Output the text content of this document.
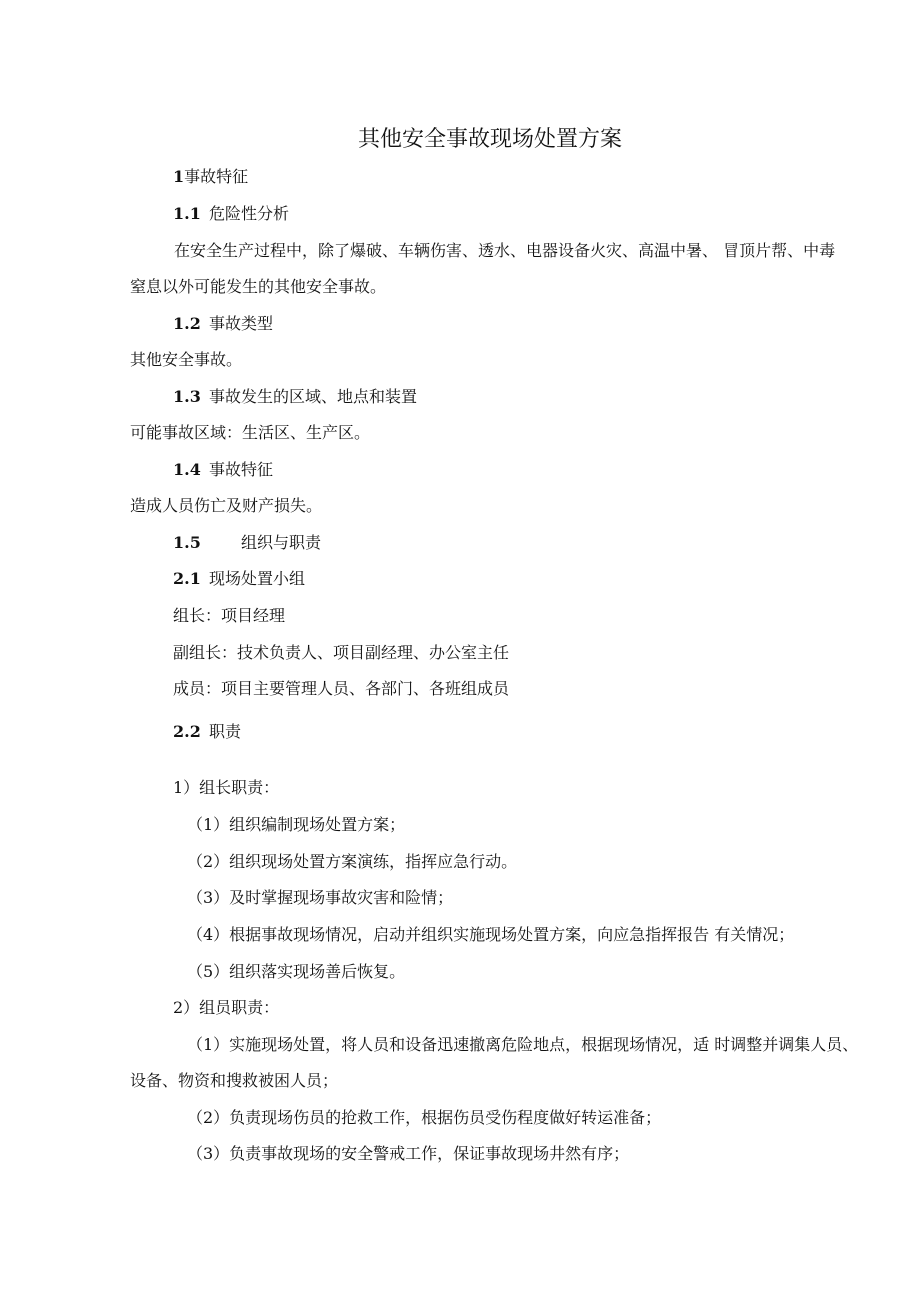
其他安全事故现场处置方案
1事故特征
1.1 危险性分析
在安全生产过程中，除了爆破、车辆伤害、透水、电器设备火灾、高温中暑、 冒顶片帮、中毒
窒息以外可能发生的其他安全事故。
1.2 事故类型
其他安全事故。
1.3 事故发生的区域、地点和装置
可能事故区域：生活区、生产区。
1.4 事故特征
造成人员伤亡及财产损失。
1.5	组织与职责
2.1 现场处置小组
组长：项目经理
副组长：技术负责人、项目副经理、办公室主任
成员：项目主要管理人员、各部门、各班组成员
2.2 职责
1）组长职责：
（1）组织编制现场处置方案；
（2）组织现场处置方案演练，指挥应急行动。
（3）及时掌握现场事故灾害和险情；
（4）根据事故现场情况，启动并组织实施现场处置方案，向应急指挥报告 有关情况；
（5）组织落实现场善后恢复。
2）组员职责：
（1）实施现场处置，将人员和设备迅速撤离危险地点，根据现场情况，适 时调整并调集人员、
设备、物资和搜救被困人员；
（2）负责现场伤员的抢救工作，根据伤员受伤程度做好转运准备；
（3）负责事故现场的安全警戒工作，保证事故现场井然有序；
